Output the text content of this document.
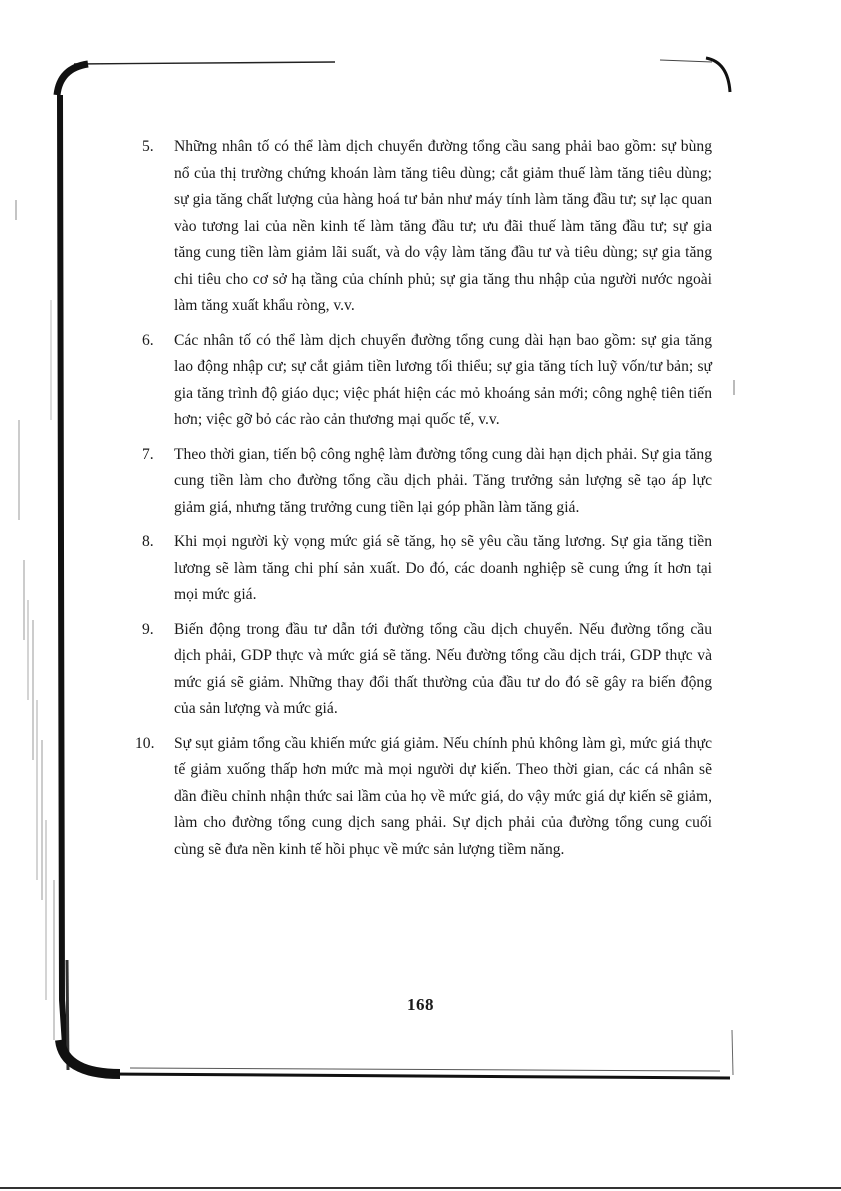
5. Những nhân tố có thể làm dịch chuyển đường tổng cầu sang phải bao gồm: sự bùng nổ của thị trường chứng khoán làm tăng tiêu dùng; cắt giảm thuế làm tăng tiêu dùng; sự gia tăng chất lượng của hàng hoá tư bản như máy tính làm tăng đầu tư; sự lạc quan vào tương lai của nền kinh tế làm tăng đầu tư; ưu đãi thuế làm tăng đầu tư; sự gia tăng cung tiền làm giảm lãi suất, và do vậy làm tăng đầu tư và tiêu dùng; sự gia tăng chi tiêu cho cơ sở hạ tầng của chính phủ; sự gia tăng thu nhập của người nước ngoài làm tăng xuất khẩu ròng, v.v.
6. Các nhân tố có thể làm dịch chuyển đường tổng cung dài hạn bao gồm: sự gia tăng lao động nhập cư; sự cắt giảm tiền lương tối thiểu; sự gia tăng tích luỹ vốn/tư bản; sự gia tăng trình độ giáo dục; việc phát hiện các mỏ khoáng sản mới; công nghệ tiên tiến hơn; việc gỡ bỏ các rào cản thương mại quốc tế, v.v.
7. Theo thời gian, tiến bộ công nghệ làm đường tổng cung dài hạn dịch phải. Sự gia tăng cung tiền làm cho đường tổng cầu dịch phải. Tăng trưởng sản lượng sẽ tạo áp lực giảm giá, nhưng tăng trưởng cung tiền lại góp phần làm tăng giá.
8. Khi mọi người kỳ vọng mức giá sẽ tăng, họ sẽ yêu cầu tăng lương. Sự gia tăng tiền lương sẽ làm tăng chi phí sản xuất. Do đó, các doanh nghiệp sẽ cung ứng ít hơn tại mọi mức giá.
9. Biến động trong đầu tư dẫn tới đường tổng cầu dịch chuyển. Nếu đường tổng cầu dịch phải, GDP thực và mức giá sẽ tăng. Nếu đường tổng cầu dịch trái, GDP thực và mức giá sẽ giảm. Những thay đổi thất thường của đầu tư do đó sẽ gây ra biến động của sản lượng và mức giá.
10. Sự sụt giảm tổng cầu khiến mức giá giảm. Nếu chính phủ không làm gì, mức giá thực tế giảm xuống thấp hơn mức mà mọi người dự kiến. Theo thời gian, các cá nhân sẽ dần điều chỉnh nhận thức sai lầm của họ về mức giá, do vậy mức giá dự kiến sẽ giảm, làm cho đường tổng cung dịch sang phải. Sự dịch phải của đường tổng cung cuối cùng sẽ đưa nền kinh tế hồi phục về mức sản lượng tiềm năng.
168
